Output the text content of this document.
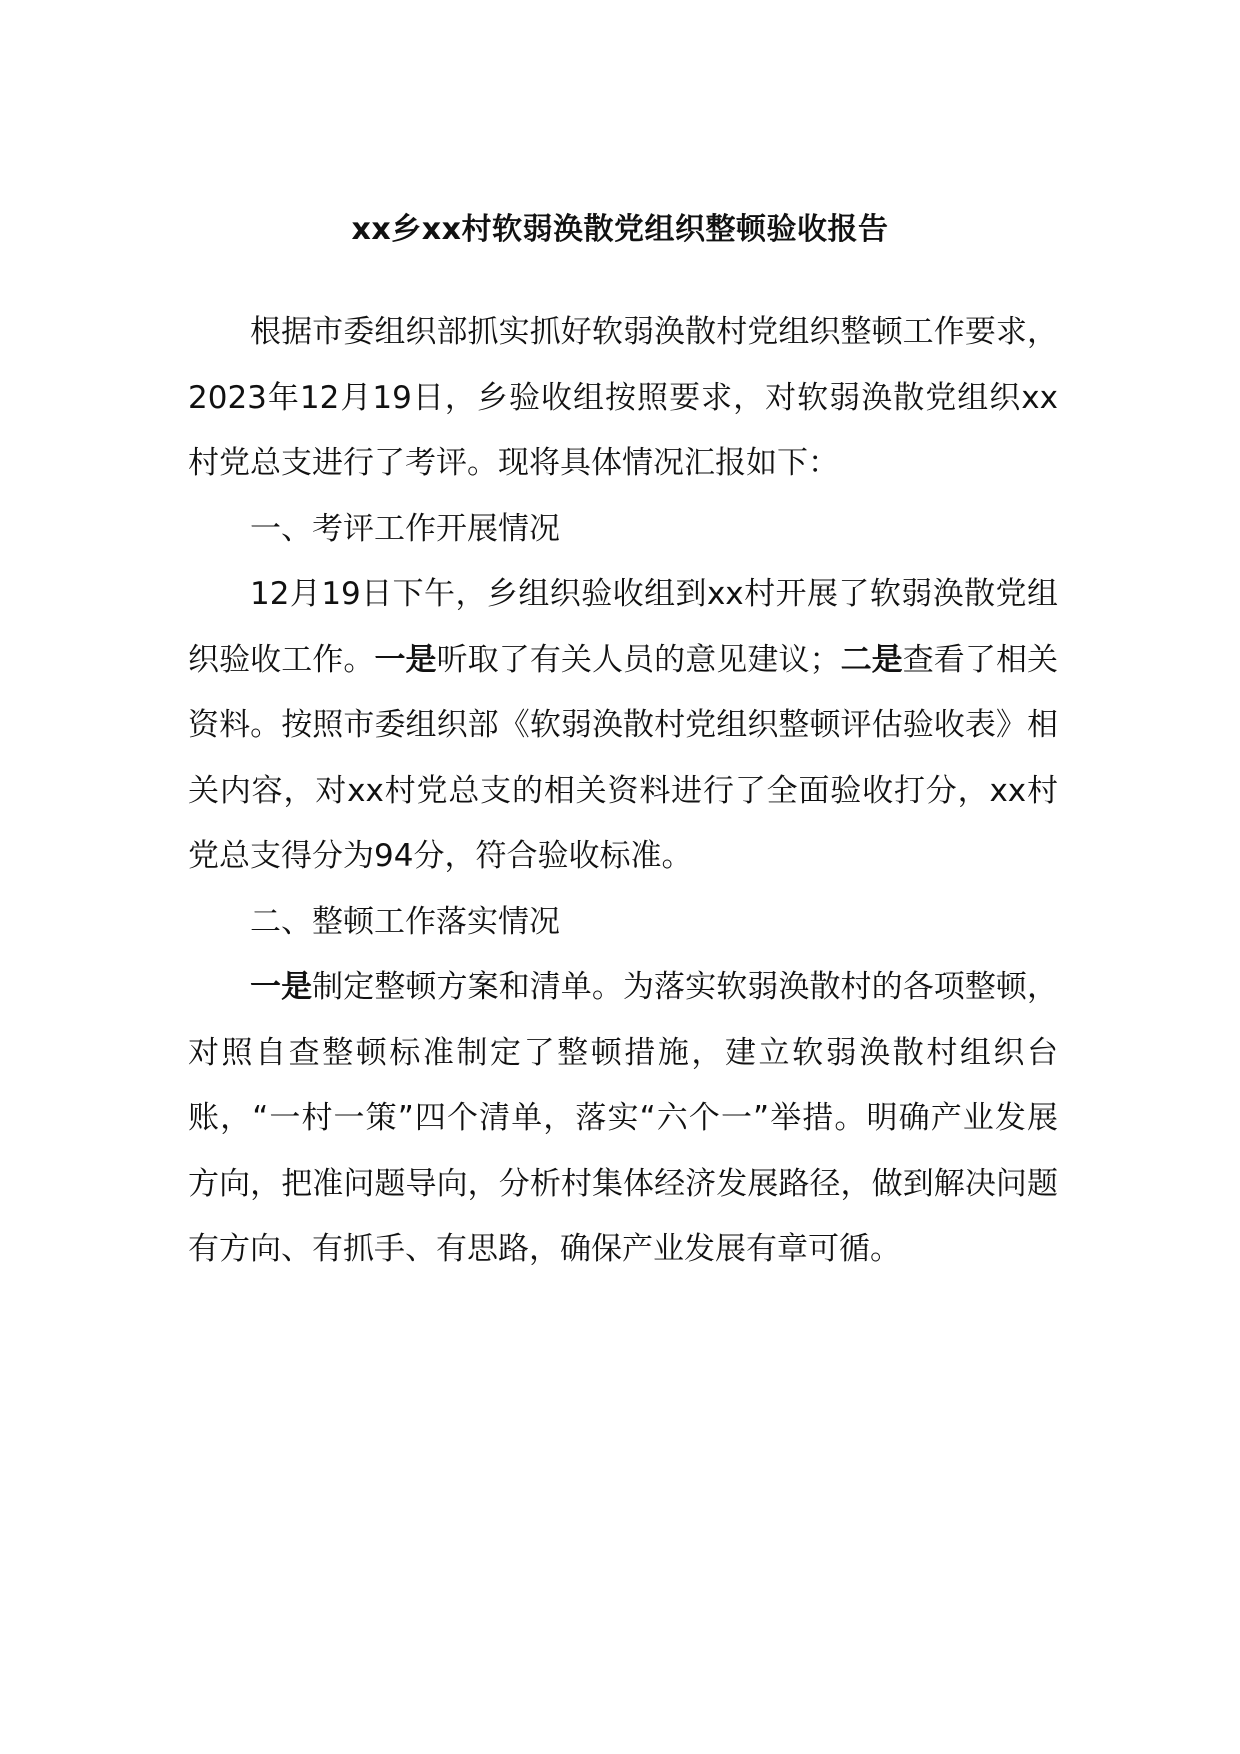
xx乡xx村软弱涣散党组织整顿验收报告

根据市委组织部抓实抓好软弱涣散村党组织整顿工作要求，2023年12月19日，乡验收组按照要求，对软弱涣散党组织xx村党总支进行了考评。现将具体情况汇报如下：

一、考评工作开展情况

12月19日下午，乡组织验收组到xx村开展了软弱涣散党组织验收工作。一是听取了有关人员的意见建议；二是查看了相关资料。按照市委组织部《软弱涣散村党组织整顿评估验收表》相关内容，对xx村党总支的相关资料进行了全面验收打分，xx村党总支得分为94分，符合验收标准。

二、整顿工作落实情况

一是制定整顿方案和清单。为落实软弱涣散村的各项整顿，对照自查整顿标准制定了整顿措施，建立软弱涣散村组织台账，“一村一策”四个清单，落实“六个一”举措。明确产业发展方向，把准问题导向，分析村集体经济发展路径，做到解决问题有方向、有抓手、有思路，确保产业发展有章可循。
